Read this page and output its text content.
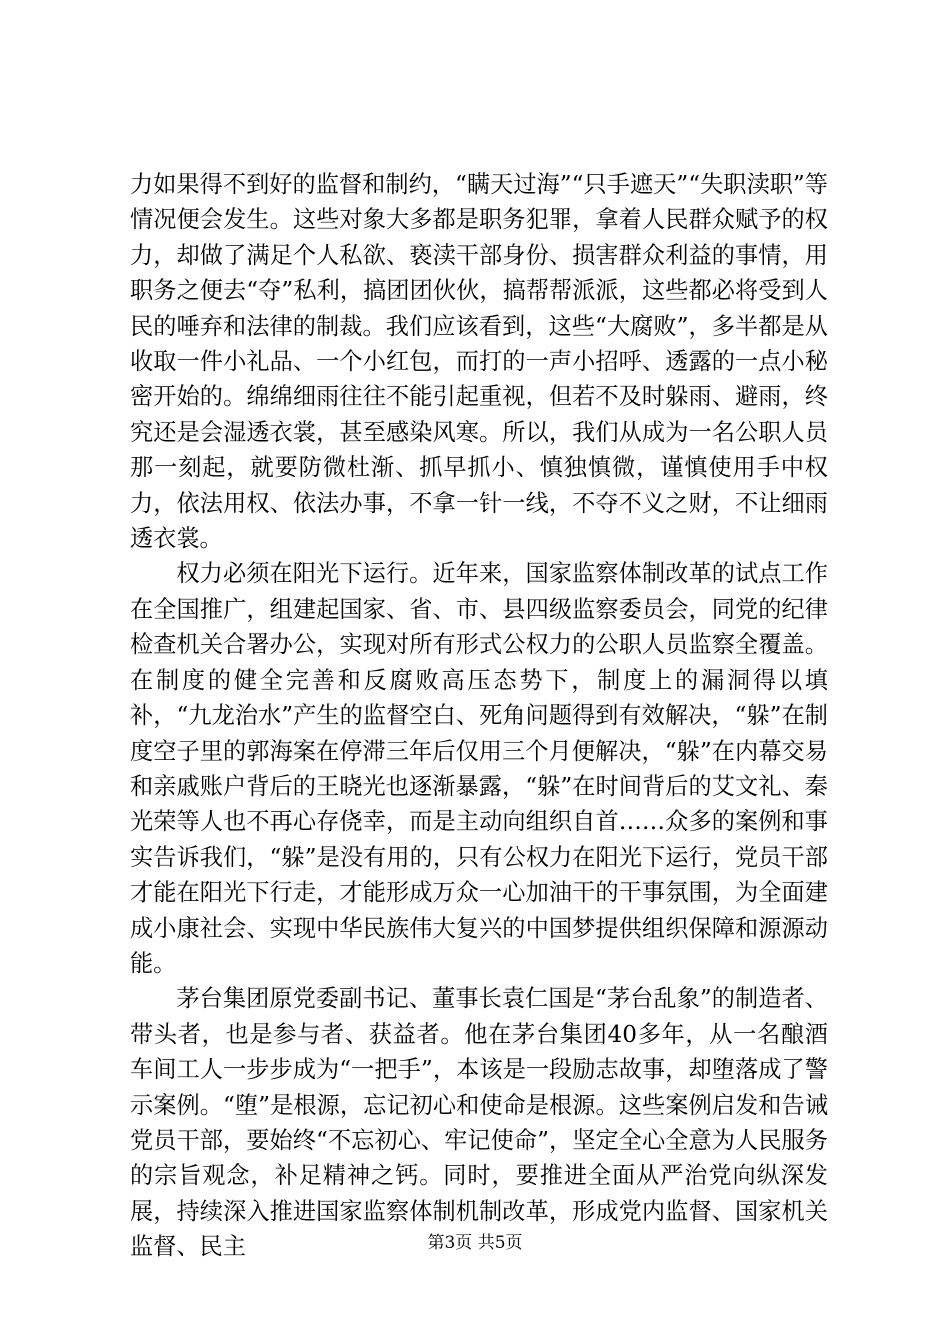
力如果得不到好的监督和制约，“瞒天过海”“只手遮天”“失职渎职”等情况便会发生。这些对象大多都是职务犯罪，拿着人民群众赋予的权力，却做了满足个人私欲、亵渎干部身份、损害群众利益的事情，用职务之便去“夺”私利，搞团团伙伙，搞帮帮派派，这些都必将受到人民的唾弃和法律的制裁。我们应该看到，这些“大腐败”，多半都是从收取一件小礼品、一个小红包，而打的一声小招呼、透露的一点小秘密开始的。绵绵细雨往往不能引起重视，但若不及时躲雨、避雨，终究还是会湿透衣裳，甚至感染风寒。所以，我们从成为一名公职人员那一刻起，就要防微杜渐、抓早抓小、慎独慎微，谨慎使用手中权力，依法用权、依法办事，不拿一针一线，不夺不义之财，不让细雨透衣裳。

权力必须在阳光下运行。近年来，国家监察体制改革的试点工作在全国推广，组建起国家、省、市、县四级监察委员会，同党的纪律检查机关合署办公，实现对所有形式公权力的公职人员监察全覆盖。在制度的健全完善和反腐败高压态势下，制度上的漏洞得以填补，“九龙治水”产生的监督空白、死角问题得到有效解决，“躲”在制度空子里的郭海案在停滞三年后仅用三个月便解决，“躲”在内幕交易和亲戚账户背后的王晓光也逐渐暴露，“躲”在时间背后的艾文礼、秦光荣等人也不再心存侥幸，而是主动向组织自首……众多的案例和事实告诉我们，“躲”是没有用的，只有公权力在阳光下运行，党员干部才能在阳光下行走，才能形成万众一心加油干的干事氛围，为全面建成小康社会、实现中华民族伟大复兴的中国梦提供组织保障和源源动能。

茅台集团原党委副书记、董事长袁仁国是“茅台乱象”的制造者、带头者，也是参与者、获益者。他在茅台集团40多年，从一名酿酒车间工人一步步成为“一把手”，本该是一段励志故事，却堕落成了警示案例。“堕”是根源，忘记初心和使命是根源。这些案例启发和告诫党员干部，要始终“不忘初心、牢记使命”，坚定全心全意为人民服务的宗旨观念，补足精神之钙。同时，要推进全面从严治党向纵深发展，持续深入推进国家监察体制机制改革，形成党内监督、国家机关监督、民主	第3页 共5页
